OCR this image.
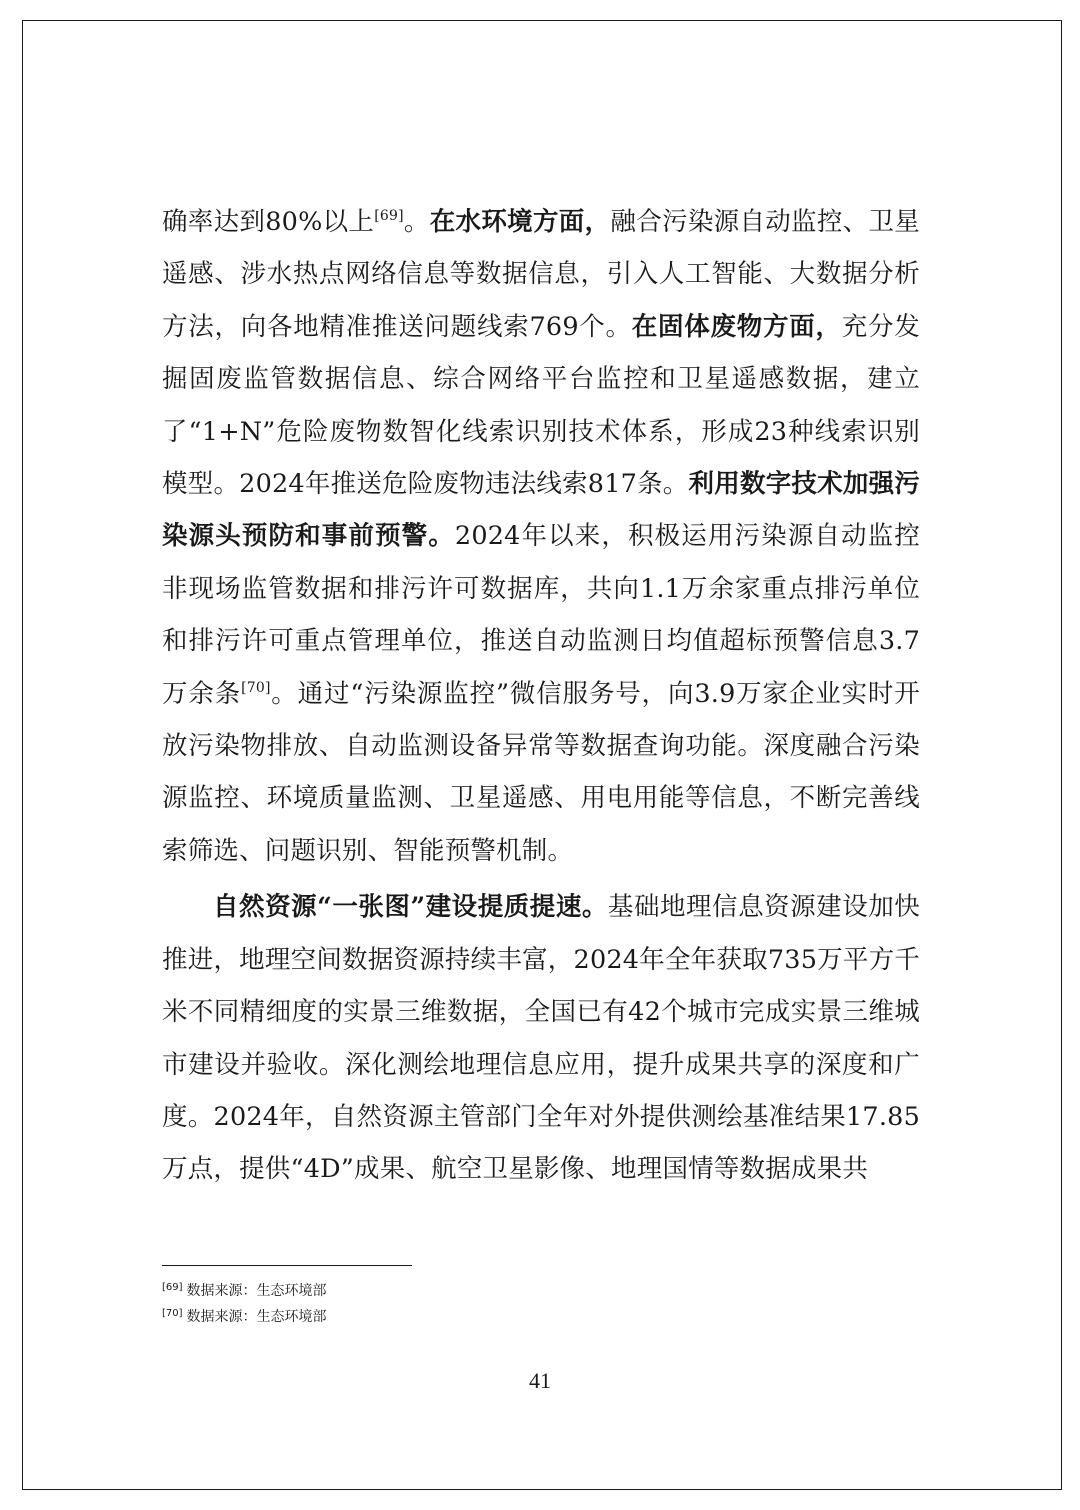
确率达到80%以上[69]。在水环境方面，融合污染源自动监控、卫星遥感、涉水热点网络信息等数据信息，引入人工智能、大数据分析方法，向各地精准推送问题线索769个。在固体废物方面，充分发掘固废监管数据信息、综合网络平台监控和卫星遥感数据，建立了“1+N”危险废物数智化线索识别技术体系，形成23种线索识别模型。2024年推送危险废物违法线索817条。利用数字技术加强污染源头预防和事前预警。2024年以来，积极运用污染源自动监控非现场监管数据和排污许可数据库，共向1.1万余家重点排污单位和排污许可重点管理单位，推送自动监测日均值超标预警信息3.7万余条[70]。通过“污染源监控”微信服务号，向3.9万家企业实时开放污染物排放、自动监测设备异常等数据查询功能。深度融合污染源监控、环境质量监测、卫星遥感、用电用能等信息，不断完善线索筛选、问题识别、智能预警机制。

自然资源“一张图”建设提质提速。基础地理信息资源建设加快推进，地理空间数据资源持续丰富，2024年全年获取735万平方千米不同精细度的实景三维数据，全国已有42个城市完成实景三维城市建设并验收。深化测绘地理信息应用，提升成果共享的深度和广度。2024年，自然资源主管部门全年对外提供测绘基准结果17.85万点，提供“4D”成果、航空卫星影像、地理国情等数据成果共

[69] 数据来源：生态环境部
[70] 数据来源：生态环境部
41
